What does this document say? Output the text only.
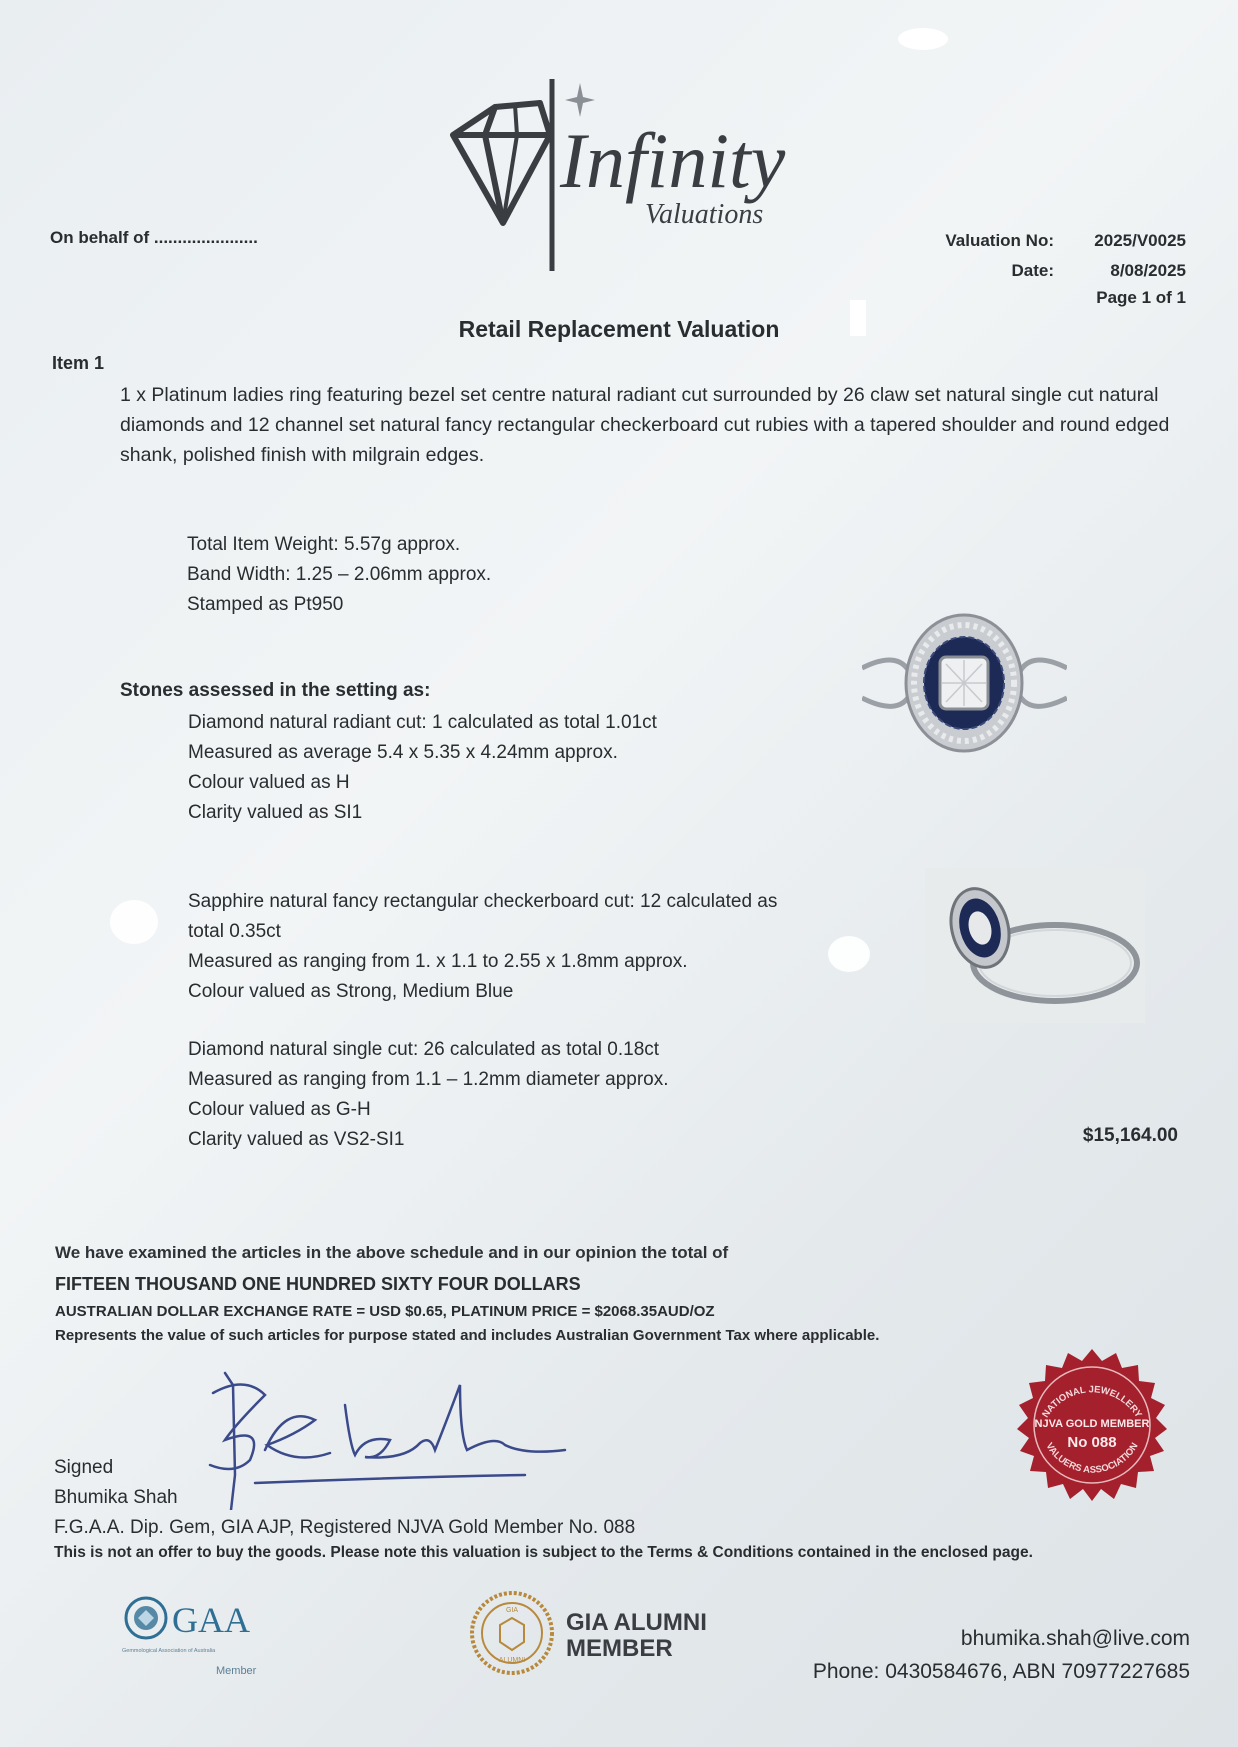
Infinity
Valuations
On behalf of ......................	Valuation No:	2025/V0025
Date:	8/08/2025
Page 1 of 1
Retail Replacement Valuation
Item 1
1 x Platinum ladies ring featuring bezel set centre natural radiant cut surrounded by 26 claw set natural single cut natural diamonds and 12 channel set natural fancy rectangular checkerboard cut rubies with a tapered shoulder and round edged shank, polished finish with milgrain edges.
Total Item Weight: 5.57g approx.
Band Width: 1.25 – 2.06mm approx.
Stamped as Pt950
Stones assessed in the setting as:
Diamond natural radiant cut: 1 calculated as total 1.01ct
Measured as average 5.4 x 5.35 x 4.24mm approx.
Colour valued as H
Clarity valued as SI1
Sapphire natural fancy rectangular checkerboard cut: 12 calculated as
total 0.35ct
Measured as ranging from 1. x 1.1 to 2.55 x 1.8mm approx.
Colour valued as Strong, Medium Blue
Diamond natural single cut: 26 calculated as total 0.18ct
Measured as ranging from 1.1 – 1.2mm diameter approx.
Colour valued as G-H
Clarity valued as VS2-SI1	$15,164.00
We have examined the articles in the above schedule and in our opinion the total of
FIFTEEN THOUSAND ONE HUNDRED SIXTY FOUR DOLLARS
AUSTRALIAN DOLLAR EXCHANGE RATE = USD $0.65, PLATINUM PRICE = $2068.35AUD/OZ
Represents the value of such articles for purpose stated and includes Australian Government Tax where applicable.
Signed
Bhumika Shah
F.G.A.A. Dip. Gem, GIA AJP, Registered NJVA Gold Member No. 088
This is not an offer to buy the goods. Please note this valuation is subject to the Terms & Conditions contained in the enclosed page.
NATIONAL JEWELLERY
VALUERS ASSOCIATION
NJVA GOLD MEMBER
No 088
GAA
Gemmological Association of Australia
Member
GIA
ALUMNI
GIA ALUMNI
MEMBER	bhumika.shah@live.com
Phone: 0430584676, ABN 70977227685
